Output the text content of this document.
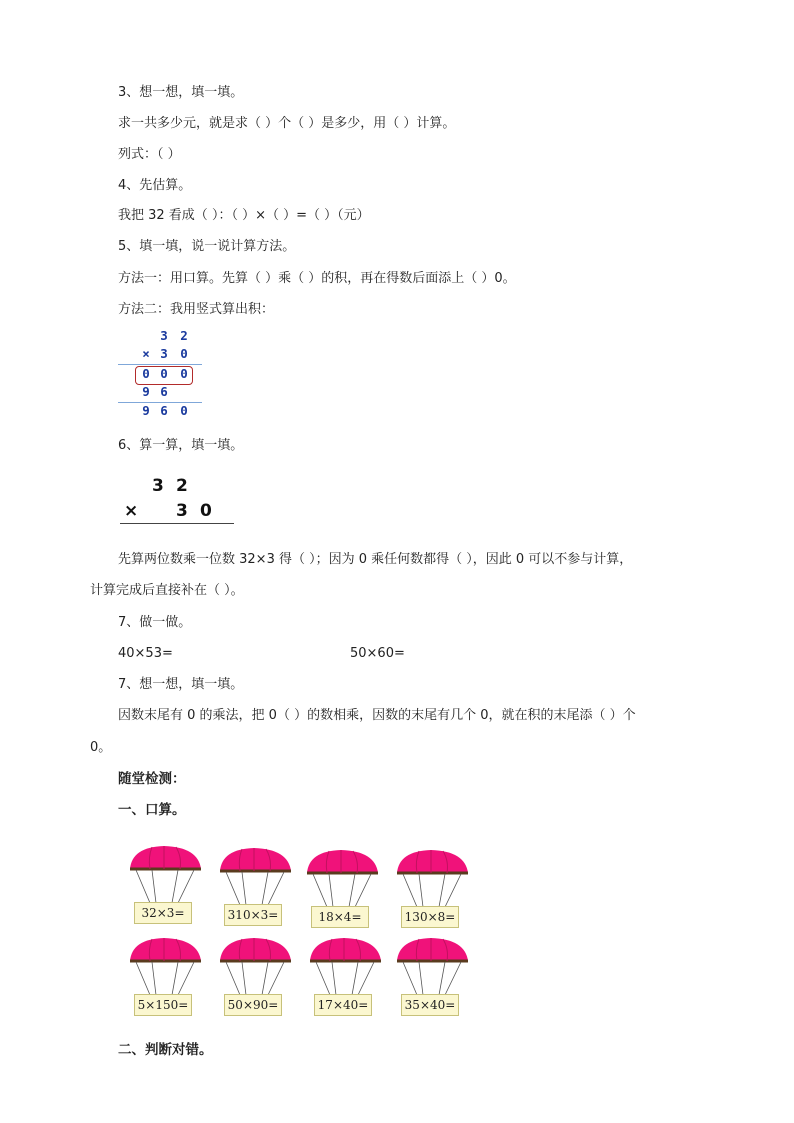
3、想一想，填一填。
求一共多少元，就是求（ ）个（ ）是多少，用（ ）计算。
列式：（ ）
4、先估算。
我把 32 看成（ ）：（ ）×（ ）=（ ）（元）
5、填一填，说一说计算方法。
方法一：用口算。先算（ ）乘（ ）的积，再在得数后面添上（ ）0。
方法二：我用竖式算出积：
3 2
× 3 0
0 0 0
9 6
9 6 0
6、算一算，填一填。
3 2
× 3 0
先算两位数乘一位数 32×3 得（ ）；因为 0 乘任何数都得（ ），因此 0 可以不参与计算，
计算完成后直接补在（ ）。
7、做一做。
40×53=	50×60=
7、想一想，填一填。
因数末尾有 0 的乘法，把 0（ ）的数相乘，因数的末尾有几个 0，就在积的末尾添（ ）个
0。
随堂检测：
一、口算。
32×3=	310×3=	18×4=	130×8=
5×150=	50×90=	17×40=	35×40=
二、判断对错。
